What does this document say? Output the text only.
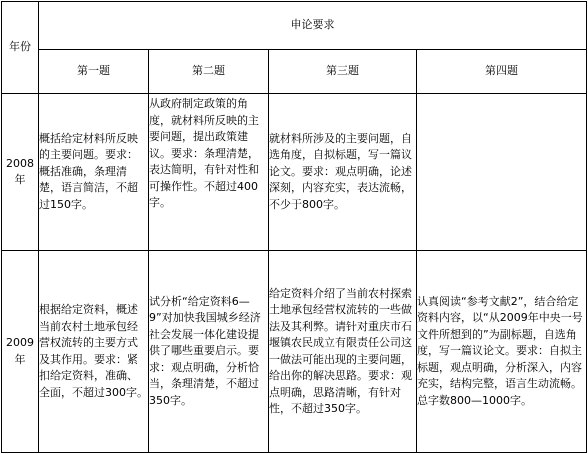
年份	申论要求			
	第一题	第二题	第三题	第四题
2008年	概括给定材料所反映的主要问题。要求：概括准确，条理清楚，语言简洁，不超过150字。	从政府制定政策的角度，就材料所反映的主要问题，提出政策建议。要求：条理清楚，表达简明，有针对性和可操作性。不超过400字。	就材料所涉及的主要问题，自选角度，自拟标题，写一篇议论文。要求：观点明确，论述深刻，内容充实，表达流畅，不少于800字。	
2009年	根据给定资料，概述当前农村土地承包经营权流转的主要方式及其作用。要求：紧扣给定资料，准确、全面，不超过300字。	试分析“给定资料6—9”对加快我国城乡经济社会发展一体化建设提供了哪些重要启示。要求：观点明确，分析恰当，条理清楚，不超过350字。	给定资料介绍了当前农村探索土地承包经营权流转的一些做法及其利弊。请针对重庆市石堰镇农民成立有限责任公司这一做法可能出现的主要问题，给出你的解决思路。要求：观点明确，思路清晰，有针对性，不超过350字。	认真阅读“参考文献2”，结合给定资料内容，以“从2009年中央一号文件所想到的”为副标题，自选角度，写一篇议论文。要求：自拟主标题，观点明确，分析深入，内容充实，结构完整，语言生动流畅。总字数800—1000字。
